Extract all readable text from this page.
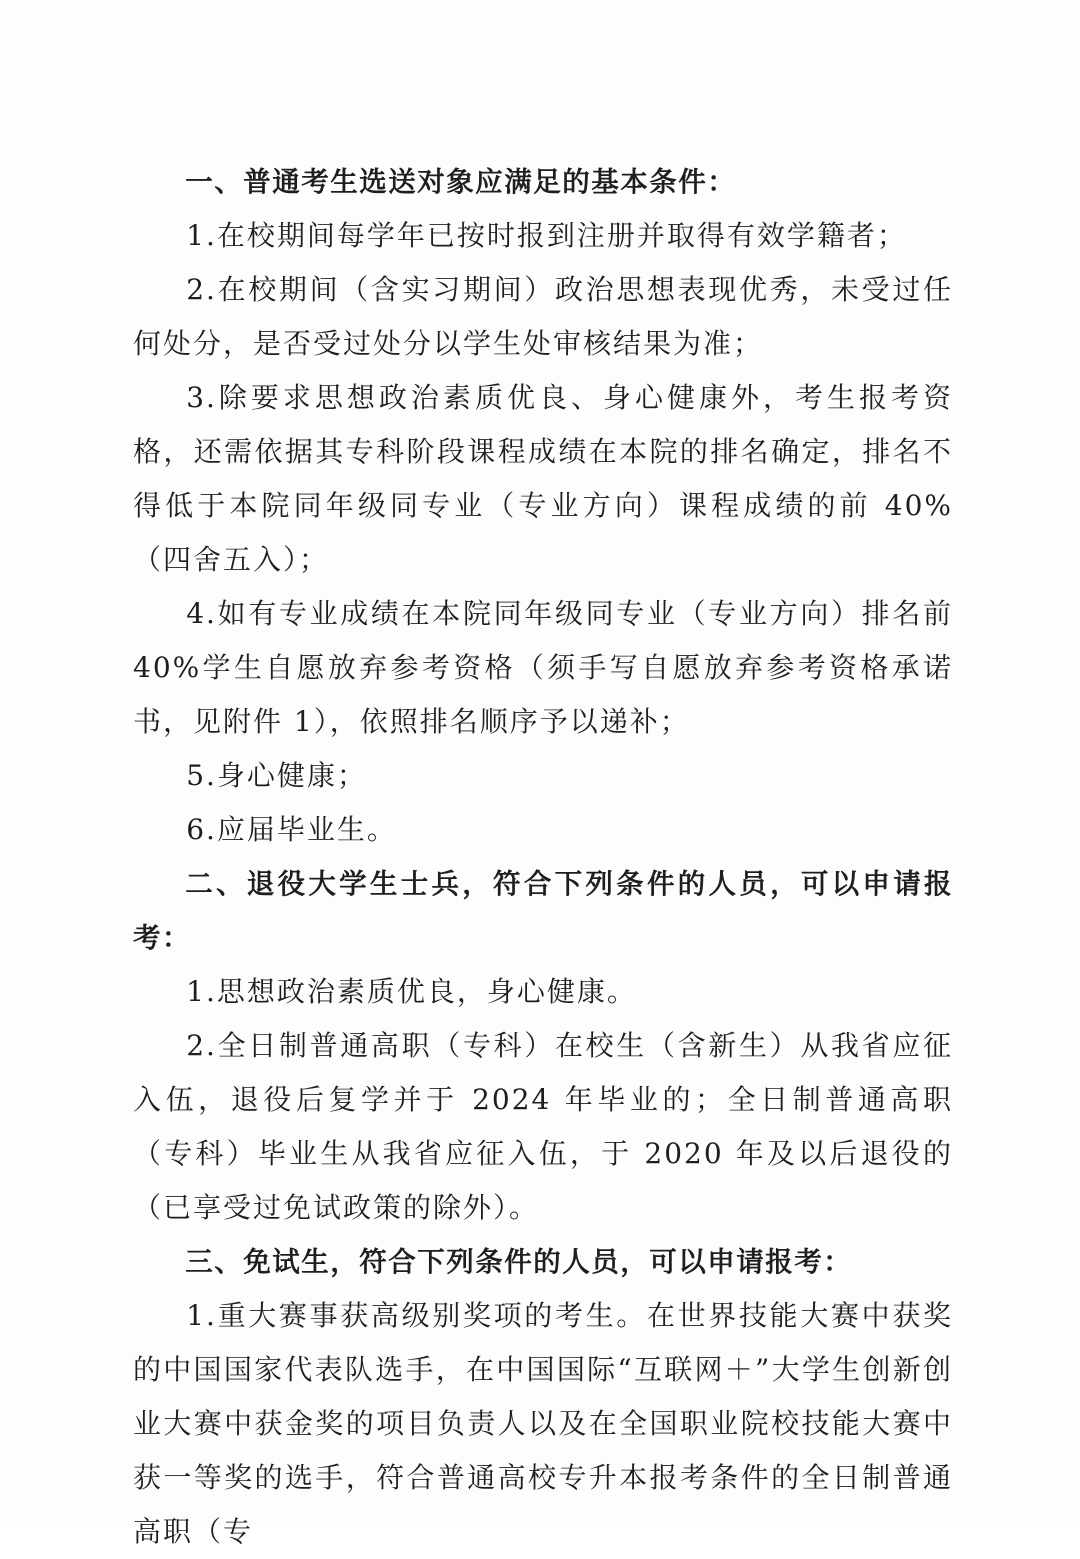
一、普通考生选送对象应满足的基本条件：

1.在校期间每学年已按时报到注册并取得有效学籍者；

2.在校期间（含实习期间）政治思想表现优秀，未受过任何处分，是否受过处分以学生处审核结果为准；

3.除要求思想政治素质优良、身心健康外，考生报考资格，还需依据其专科阶段课程成绩在本院的排名确定，排名不得低于本院同年级同专业（专业方向）课程成绩的前 40%（四舍五入）；

4.如有专业成绩在本院同年级同专业（专业方向）排名前 40%学生自愿放弃参考资格（须手写自愿放弃参考资格承诺书，见附件 1），依照排名顺序予以递补；

5.身心健康；

6.应届毕业生。

二、退役大学生士兵，符合下列条件的人员，可以申请报考：

1.思想政治素质优良，身心健康。

2.全日制普通高职（专科）在校生（含新生）从我省应征入伍，退役后复学并于 2024 年毕业的；全日制普通高职（专科）毕业生从我省应征入伍，于 2020 年及以后退役的（已享受过免试政策的除外）。

三、免试生，符合下列条件的人员，可以申请报考：

1.重大赛事获高级别奖项的考生。在世界技能大赛中获奖的中国国家代表队选手，在中国国际“互联网＋”大学生创新创业大赛中获金奖的项目负责人以及在全国职业院校技能大赛中获一等奖的选手，符合普通高校专升本报考条件的全日制普通高职（专
